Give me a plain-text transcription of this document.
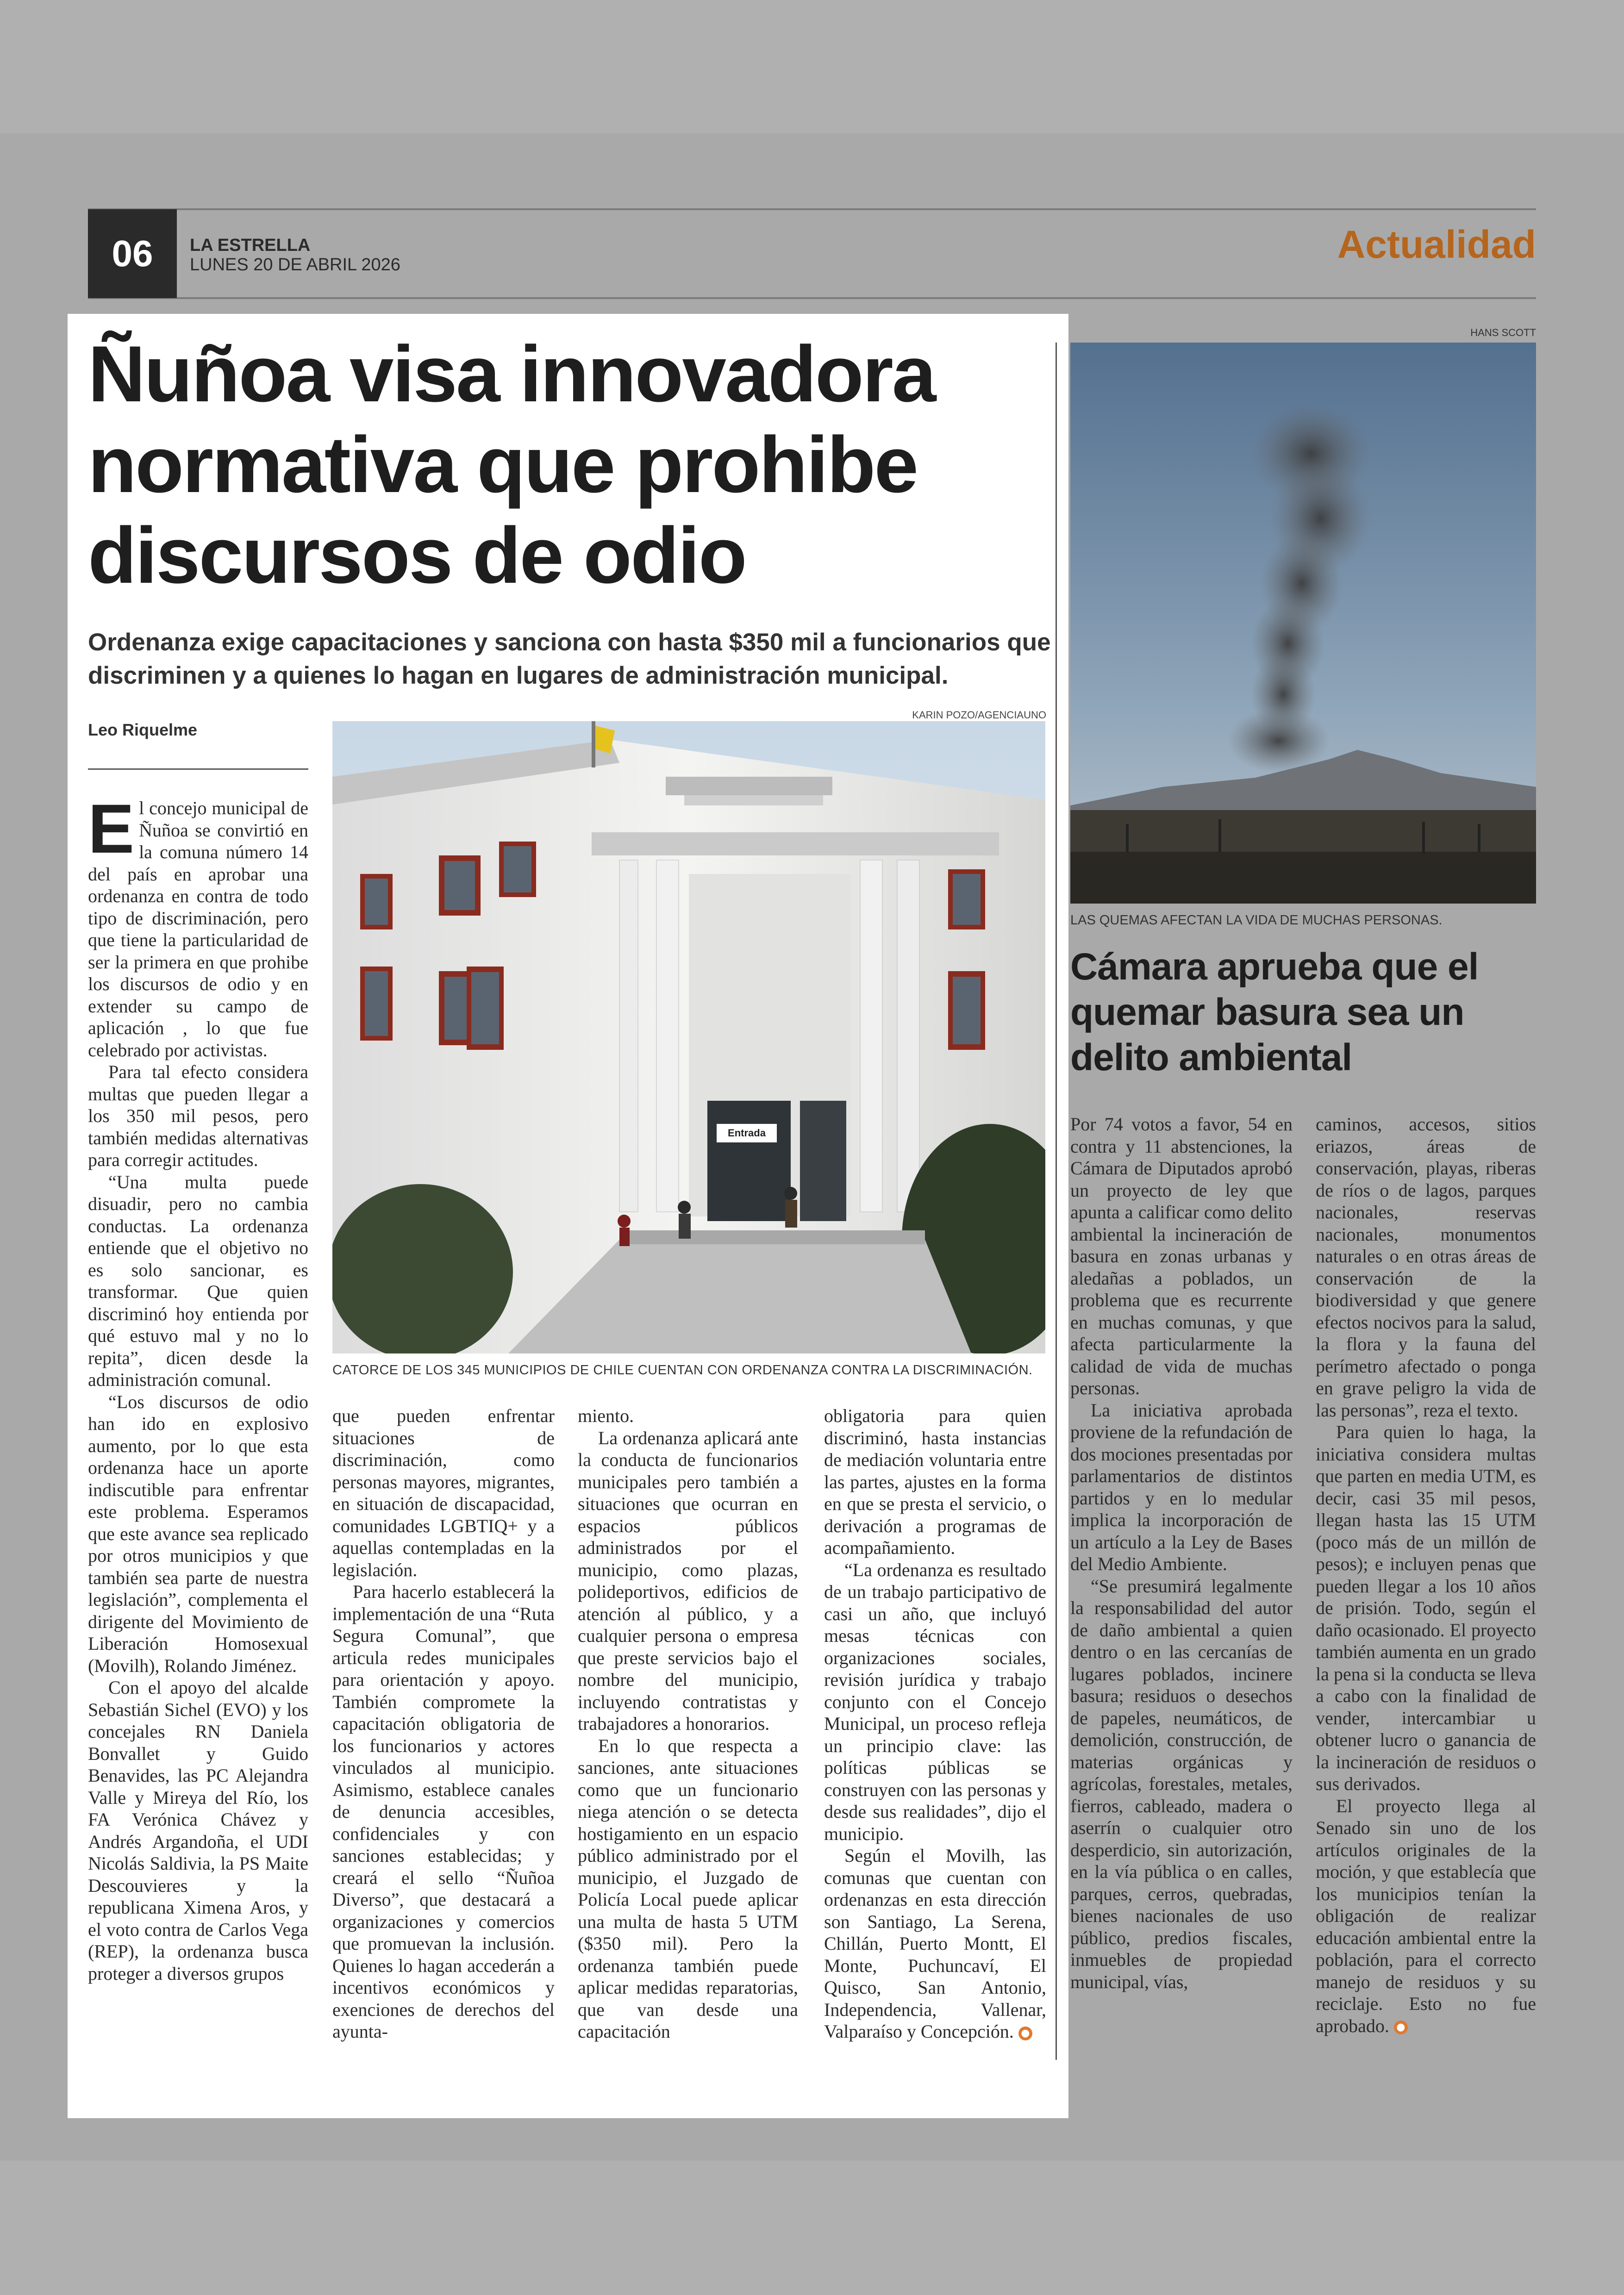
06	LA ESTRELLA
LUNES 20 DE ABRIL 2026	Actualidad
Ñuñoa visa innovadora normativa que prohibe discursos de odio
Ordenanza exige capacitaciones y sanciona con hasta $350 mil a funcionarios que discriminen y a quienes lo hagan en lugares de administración municipal.
Leo Riquelme
KARIN POZO/AGENCIAUNO
Entrada
CATORCE DE LOS 345 MUNICIPIOS DE CHILE CUENTAN CON ORDENANZA CONTRA LA DISCRIMINACIÓN.

El concejo municipal de Ñuñoa se convirtió en la comuna número 14 del país en aprobar una ordenanza en contra de todo tipo de discriminación, pero que tiene la particularidad de ser la primera en que prohibe los discursos de odio y en extender su campo de aplicación , lo que fue celebrado por activistas.

Para tal efecto considera multas que pueden llegar a los 350 mil pesos, pero también medidas alternativas para corregir actitudes.

“Una multa puede disuadir, pero no cambia conductas. La ordenanza entiende que el objetivo no es solo sancionar, es transformar. Que quien discriminó hoy entienda por qué estuvo mal y no lo repita”, dicen desde la administración comunal.

“Los discursos de odio han ido en explosivo aumento, por lo que esta ordenanza hace un aporte indiscutible para enfrentar este problema. Esperamos que este avance sea replicado por otros municipios y que también sea parte de nuestra legislación”, complementa el dirigente del Movimiento de Liberación Homosexual (Movilh), Rolando Jiménez.

Con el apoyo del alcalde Sebastián Sichel (EVO) y los concejales RN Daniela Bonvallet y Guido Benavides, las PC Alejandra Valle y Mireya del Río, los FA Verónica Chávez y Andrés Argandoña, el UDI Nicolás Saldivia, la PS Maite Descouvieres y la republicana Ximena Aros, y el voto contra de Carlos Vega (REP), la ordenanza busca proteger a diversos grupos

que pueden enfrentar situaciones de discriminación, como personas mayores, migrantes, en situación de discapacidad, comunidades LGBTIQ+ y a aquellas contempladas en la legislación.

Para hacerlo establecerá la implementación de una “Ruta Segura Comunal”, que articula redes municipales para orientación y apoyo. También compromete la capacitación obligatoria de los funcionarios y actores vinculados al municipio. Asimismo, establece canales de denuncia accesibles, confidenciales y con sanciones establecidas; y creará el sello “Ñuñoa Diverso”, que destacará a organizaciones y comercios que promuevan la inclusión. Quienes lo hagan accederán a incentivos económicos y exenciones de derechos del ayunta-

miento.

La ordenanza aplicará ante la conducta de funcionarios municipales pero también a situaciones que ocurran en espacios públicos administrados por el municipio, como plazas, polideportivos, edificios de atención al público, y a cualquier persona o empresa que preste servicios bajo el nombre del municipio, incluyendo contratistas y trabajadores a honorarios.

En lo que respecta a sanciones, ante situaciones como que un funcionario niega atención o se detecta hostigamiento en un espacio público administrado por el municipio, el Juzgado de Policía Local puede aplicar una multa de hasta 5 UTM ($350 mil). Pero la ordenanza también puede aplicar medidas reparatorias, que van desde una capacitación

obligatoria para quien discriminó, hasta instancias de mediación voluntaria entre las partes, ajustes en la forma en que se presta el servicio, o derivación a programas de acompañamiento.

“La ordenanza es resultado de un trabajo participativo de casi un año, que incluyó mesas técnicas con organizaciones sociales, revisión jurídica y trabajo conjunto con el Concejo Municipal, un proceso refleja un principio clave: las políticas públicas se construyen con las personas y desde sus realidades”, dijo el municipio.

Según el Movilh, las comunas que cuentan con ordenanzas en esta dirección son Santiago, La Serena, Chillán, Puerto Montt, El Monte, Puchuncaví, El Quisco, San Antonio, Independencia, Vallenar, Valparaíso y Concepción. ●

HANS SCOTT
LAS QUEMAS AFECTAN LA VIDA DE MUCHAS PERSONAS.
Cámara aprueba que el quemar basura sea un delito ambiental

Por 74 votos a favor, 54 en contra y 11 abstenciones, la Cámara de Diputados aprobó un proyecto de ley que apunta a calificar como delito ambiental la incineración de basura en zonas urbanas y aledañas a poblados, un problema que es recurrente en muchas comunas, y que afecta particularmente la calidad de vida de muchas personas.

La iniciativa aprobada proviene de la refundación de dos mociones presentadas por parlamentarios de distintos partidos y en lo medular implica la incorporación de un artículo a la Ley de Bases del Medio Ambiente.

“Se presumirá legalmente la responsabilidad del autor de daño ambiental a quien dentro o en las cercanías de lugares poblados, incinere basura; residuos o desechos de papeles, neumáticos, de demolición, construcción, de materias orgánicas y agrícolas, forestales, metales, fierros, cableado, madera o aserrín o cualquier otro desperdicio, sin autorización, en la vía pública o en calles, parques, cerros, quebradas, bienes nacionales de uso público, predios fiscales, inmuebles de propiedad municipal, vías,

caminos, accesos, sitios eriazos, áreas de conservación, playas, riberas de ríos o de lagos, parques nacionales, reservas nacionales, monumentos naturales o en otras áreas de conservación de la biodiversidad y que genere efectos nocivos para la salud, la flora y la fauna del perímetro afectado o ponga en grave peligro la vida de las personas”, reza el texto.

Para quien lo haga, la iniciativa considera multas que parten en media UTM, es decir, casi 35 mil pesos, llegan hasta las 15 UTM (poco más de un millón de pesos); e incluyen penas que pueden llegar a los 10 años de prisión. Todo, según el daño ocasionado. El proyecto también aumenta en un grado la pena si la conducta se lleva a cabo con la finalidad de vender, intercambiar u obtener lucro o ganancia de la incineración de residuos o sus derivados.

El proyecto llega al Senado sin uno de los artículos originales de la moción, y que establecía que los municipios tenían la obligación de realizar educación ambiental entre la población, para el correcto manejo de residuos y su reciclaje. Esto no fue aprobado. ●
